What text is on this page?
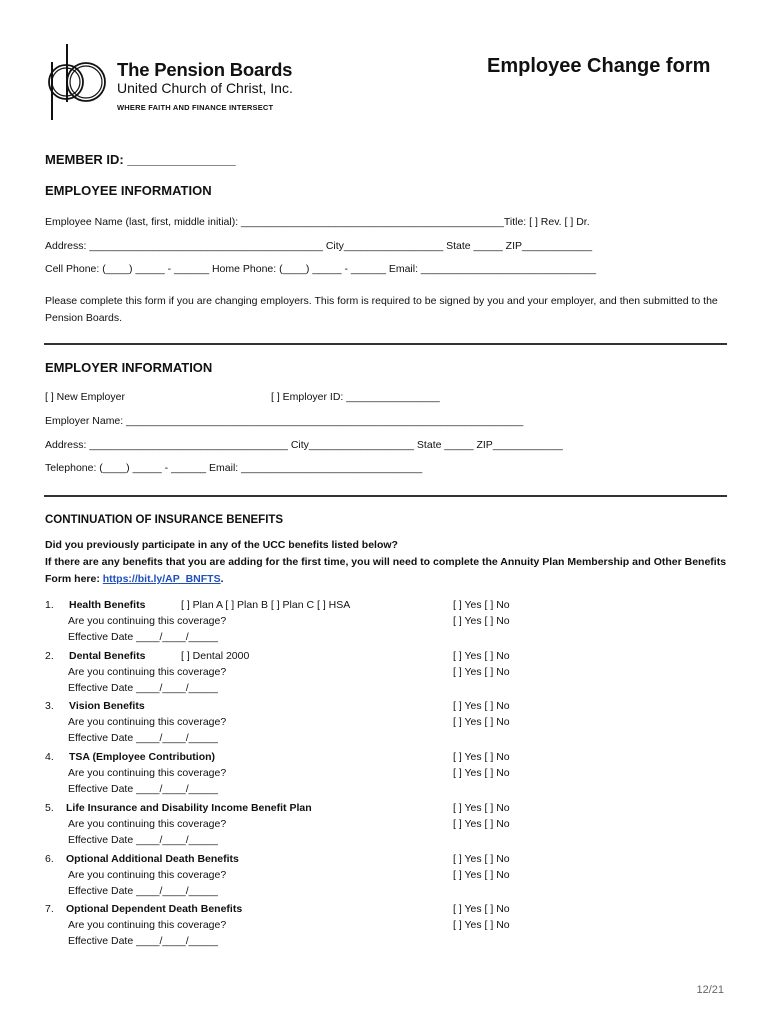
The Pension Boards
United Church of Christ, Inc.
WHERE FAITH AND FINANCE INTERSECT
Employee Change form
MEMBER ID: _______________
EMPLOYEE INFORMATION
Employee Name (last, first, middle initial): _____________________________________________Title: [ ] Rev. [ ] Dr.
Address: ________________________________________ City_________________ State _____ ZIP____________
Cell Phone: (____) _____ - ______ Home Phone: (____) _____ - ______ Email: ______________________________
Please complete this form if you are changing employers. This form is required to be signed by you and your employer, and then submitted to the Pension Boards.
EMPLOYER INFORMATION
[ ] New Employer	[ ] Employer ID: ________________
Employer Name: ____________________________________________________________________
Address: __________________________________ City__________________ State _____ ZIP____________
Telephone: (____) _____ - ______ Email: _______________________________
CONTINUATION OF INSURANCE BENEFITS
Did you previously participate in any of the UCC benefits listed below?
If there are any benefits that you are adding for the first time, you will need to complete the Annuity Plan Membership and Other Benefits Form here: https://bit.ly/AP_BNFTS.
1. Health Benefits	[ ] Plan A [ ] Plan B [ ] Plan C [ ] HSA	[ ] Yes [ ] No
Are you continuing this coverage?	[ ] Yes [ ] No
Effective Date ____/____/_____
2. Dental Benefits	[ ] Dental 2000	[ ] Yes [ ] No
Are you continuing this coverage?	[ ] Yes [ ] No
Effective Date ____/____/_____
3. Vision Benefits	[ ] Yes [ ] No
Are you continuing this coverage?	[ ] Yes [ ] No
Effective Date ____/____/_____
4. TSA (Employee Contribution)	[ ] Yes [ ] No
Are you continuing this coverage?	[ ] Yes [ ] No
Effective Date ____/____/_____
5. Life Insurance and Disability Income Benefit Plan	[ ] Yes [ ] No
Are you continuing this coverage?	[ ] Yes [ ] No
Effective Date ____/____/_____
6. Optional Additional Death Benefits	[ ] Yes [ ] No
Are you continuing this coverage?	[ ] Yes [ ] No
Effective Date ____/____/_____
7. Optional Dependent Death Benefits	[ ] Yes [ ] No
Are you continuing this coverage?	[ ] Yes [ ] No
Effective Date ____/____/_____
12/21
